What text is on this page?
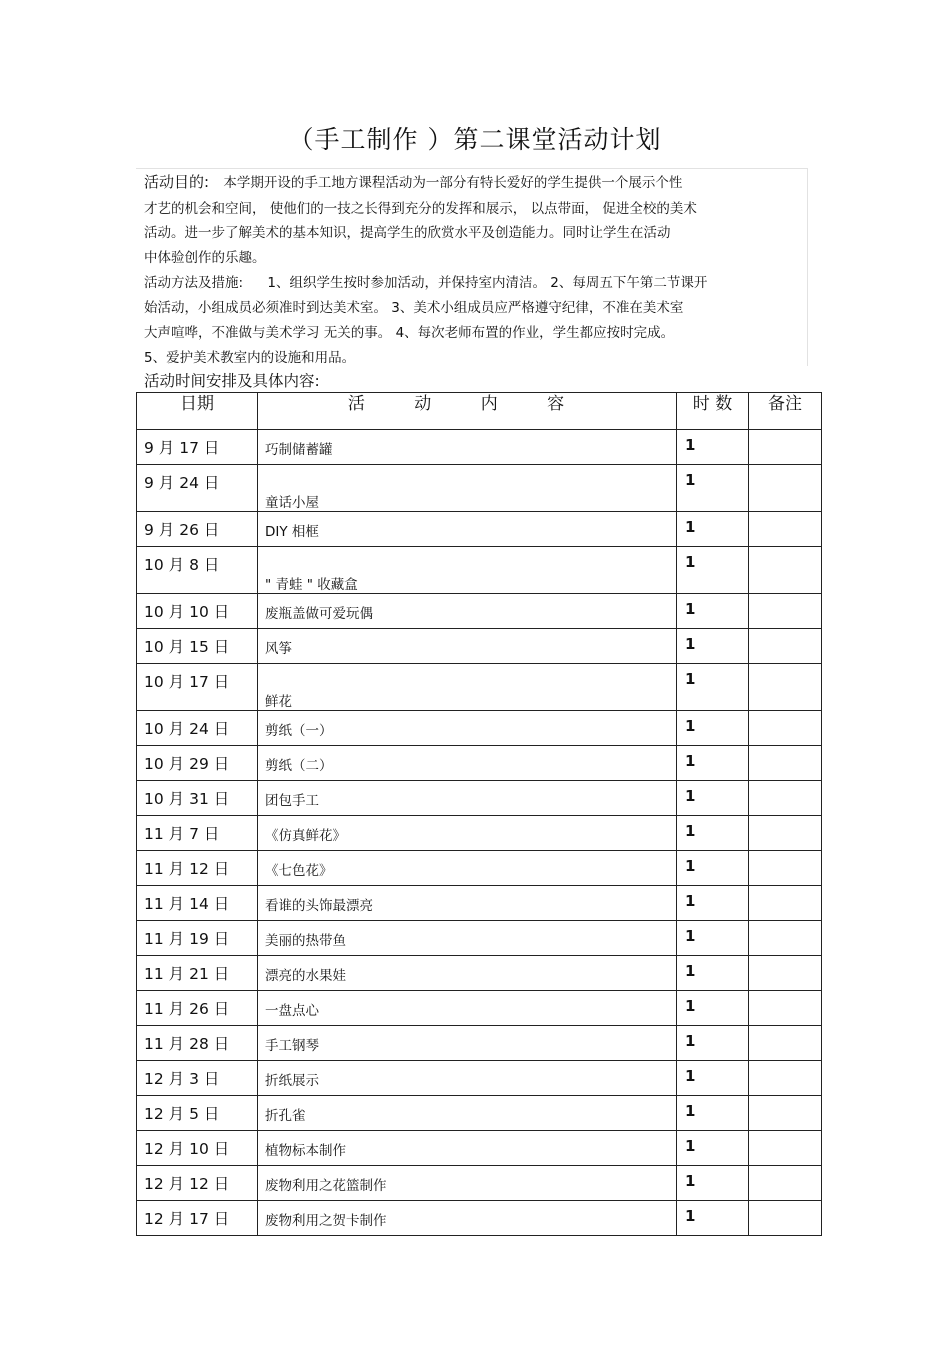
（手工制作 ）第二课堂活动计划
活动目的: 本学期开设的手工地方课程活动为一部分有特长爱好的学生提供一个展示个性
才艺的机会和空间， 使他们的一技之长得到充分的发挥和展示， 以点带面， 促进全校的美术
活动。进一步了解美术的基本知识，提高学生的欣赏水平及创造能力。同时让学生在活动
中体验创作的乐趣。
活动方法及措施: 1、组织学生按时参加活动，并保持室内清洁。 2、每周五下午第二节课开
始活动，小组成员必须准时到达美术室。 3、美术小组成员应严格遵守纪律，不准在美术室
大声喧哗，不准做与美术学习 无关的事。 4、每次老师布置的作业，学生都应按时完成。
5、爱护美术教室内的设施和用品。
活动时间安排及具体内容:
日期	活 动 内 容	时 数	备注
9 月 17 日	巧制储蓄罐	1	
9 月 24 日	童话小屋	1	
9 月 26 日	DIY 相框	1	
10 月 8 日	" 青蛙 " 收藏盒	1	
10 月 10 日	废瓶盖做可爱玩偶	1	
10 月 15 日	风筝	1	
10 月 17 日	鲜花	1	
10 月 24 日	剪纸（一）	1	
10 月 29 日	剪纸（二）	1	
10 月 31 日	团包手工	1	
11 月 7 日	《仿真鲜花》	1	
11 月 12 日	《七色花》	1	
11 月 14 日	看谁的头饰最漂亮	1	
11 月 19 日	美丽的热带鱼	1	
11 月 21 日	漂亮的水果娃	1	
11 月 26 日	一盘点心	1	
11 月 28 日	手工钢琴	1	
12 月 3 日	折纸展示	1	
12 月 5 日	折孔雀	1	
12 月 10 日	植物标本制作	1	
12 月 12 日	废物利用之花篮制作	1	
12 月 17 日	废物利用之贺卡制作	1	
